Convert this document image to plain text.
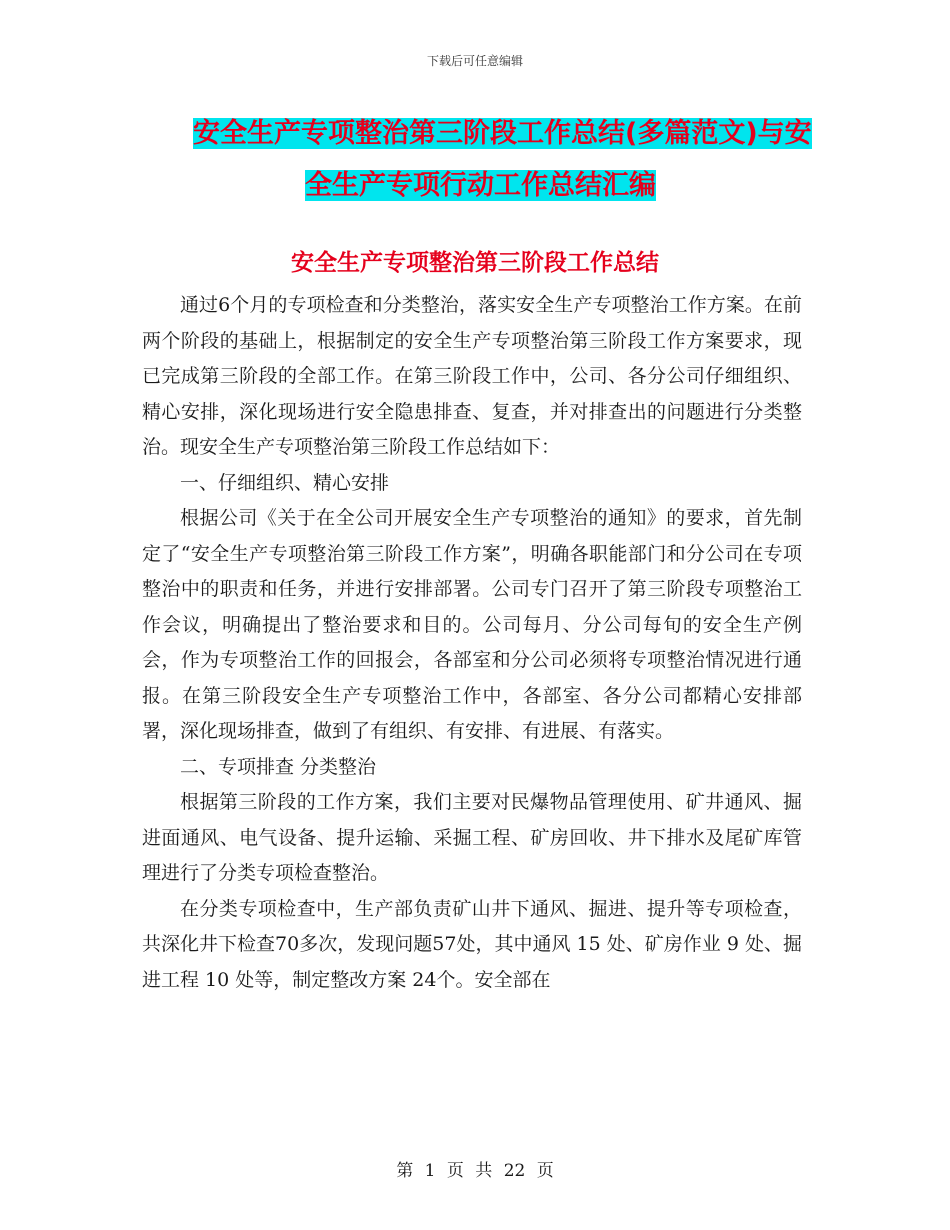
下载后可任意编辑
安全生产专项整治第三阶段工作总结(多篇范文)与安
全生产专项行动工作总结汇编
安全生产专项整治第三阶段工作总结

通过6个月的专项检查和分类整治，落实安全生产专项整治工作方案。在前两个阶段的基础上，根据制定的安全生产专项整治第三阶段工作方案要求，现已完成第三阶段的全部工作。在第三阶段工作中，公司、各分公司仔细组织、精心安排，深化现场进行安全隐患排查、复查，并对排查出的问题进行分类整治。现安全生产专项整治第三阶段工作总结如下：

一、仔细组织、精心安排

根据公司《关于在全公司开展安全生产专项整治的通知》的要求，首先制定了“安全生产专项整治第三阶段工作方案”，明确各职能部门和分公司在专项整治中的职责和任务，并进行安排部署。公司专门召开了第三阶段专项整治工作会议，明确提出了整治要求和目的。公司每月、分公司每旬的安全生产例会，作为专项整治工作的回报会，各部室和分公司必须将专项整治情况进行通报。在第三阶段安全生产专项整治工作中，各部室、各分公司都精心安排部署，深化现场排查，做到了有组织、有安排、有进展、有落实。

二、专项排查 分类整治

根据第三阶段的工作方案，我们主要对民爆物品管理使用、矿井通风、掘进面通风、电气设备、提升运输、采掘工程、矿房回收、井下排水及尾矿库管理进行了分类专项检查整治。

在分类专项检查中，生产部负责矿山井下通风、掘进、提升等专项检查，共深化井下检查70多次，发现问题57处，其中通风 15 处、矿房作业 9 处、掘进工程 10 处等，制定整改方案 24个。安全部在

第 1 页 共 22 页
